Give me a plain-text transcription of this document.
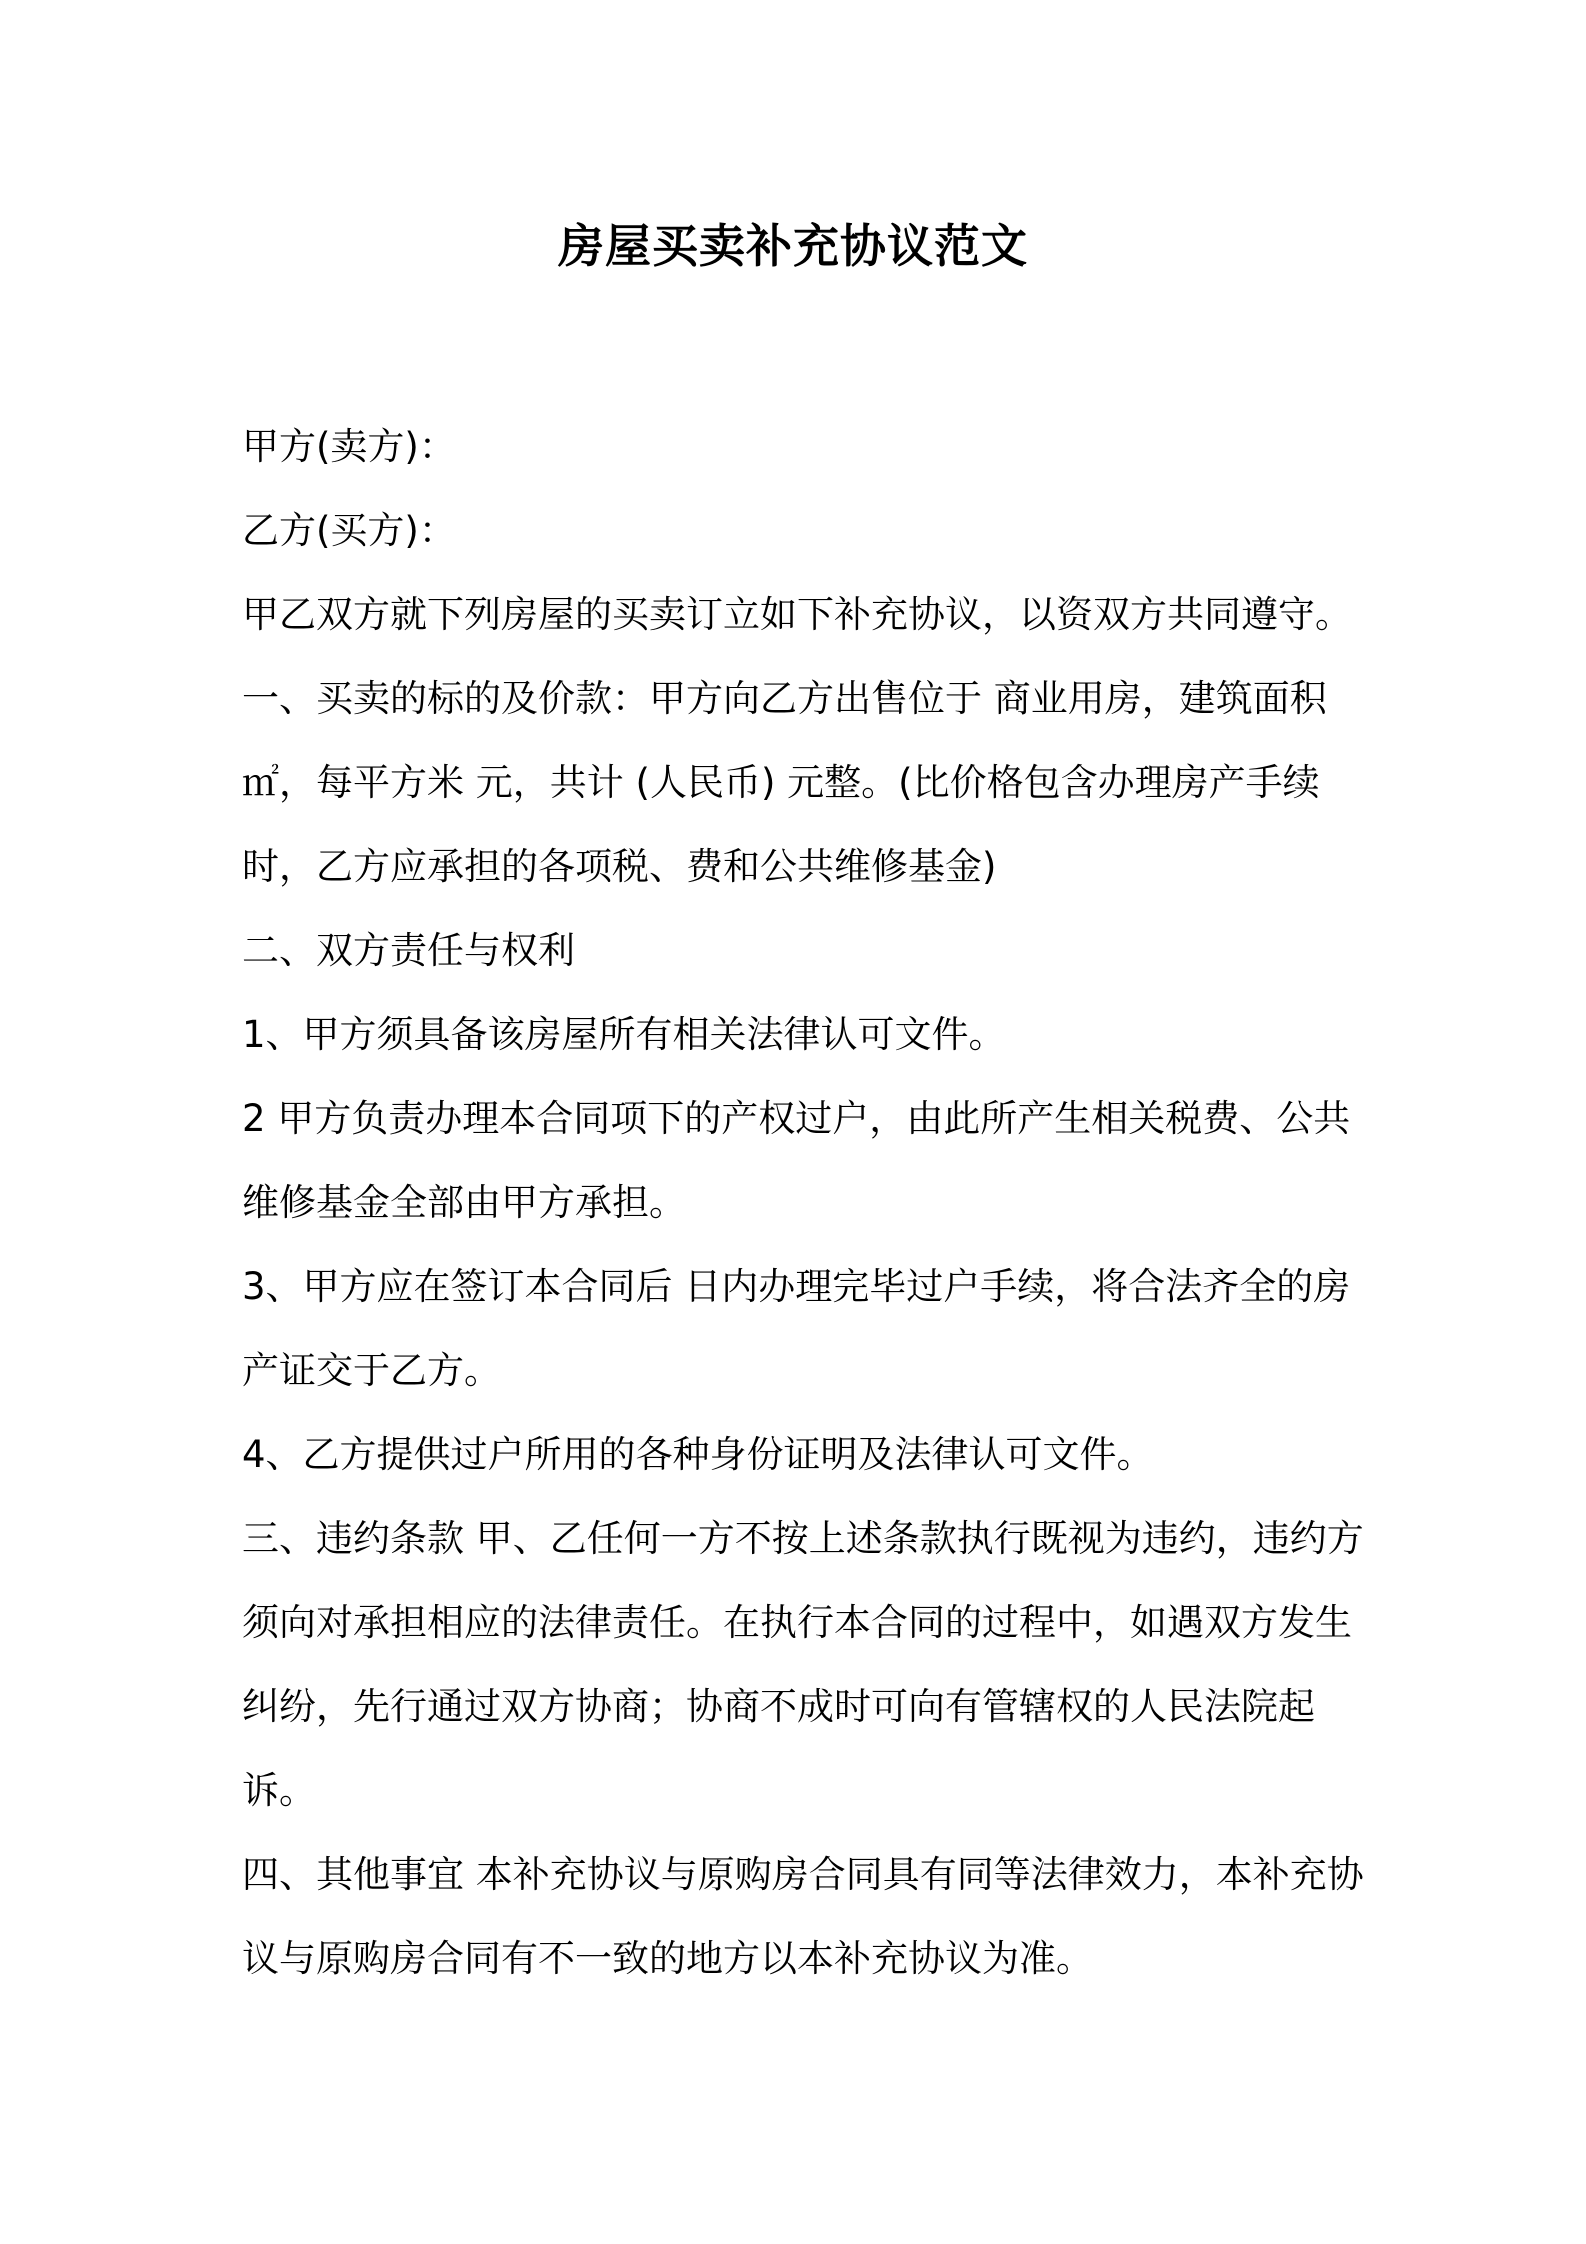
房屋买卖补充协议范文

甲方(卖方)：

乙方(买方)：

甲乙双方就下列房屋的买卖订立如下补充协议，以资双方共同遵守。

一、买卖的标的及价款：甲方向乙方出售位于 商业用房，建筑面积 ㎡，每平方米 元，共计 (人民币) 元整。(比价格包含办理房产手续时，乙方应承担的各项税、费和公共维修基金)

二、双方责任与权利

1、甲方须具备该房屋所有相关法律认可文件。

2 甲方负责办理本合同项下的产权过户，由此所产生相关税费、公共维修基金全部由甲方承担。

3、甲方应在签订本合同后 日内办理完毕过户手续，将合法齐全的房产证交于乙方。

4、乙方提供过户所用的各种身份证明及法律认可文件。

三、违约条款 甲、乙任何一方不按上述条款执行既视为违约，违约方须向对承担相应的法律责任。在执行本合同的过程中，如遇双方发生纠纷，先行通过双方协商；协商不成时可向有管辖权的人民法院起诉。

四、其他事宜 本补充协议与原购房合同具有同等法律效力，本补充协议与原购房合同有不一致的地方以本补充协议为准。
